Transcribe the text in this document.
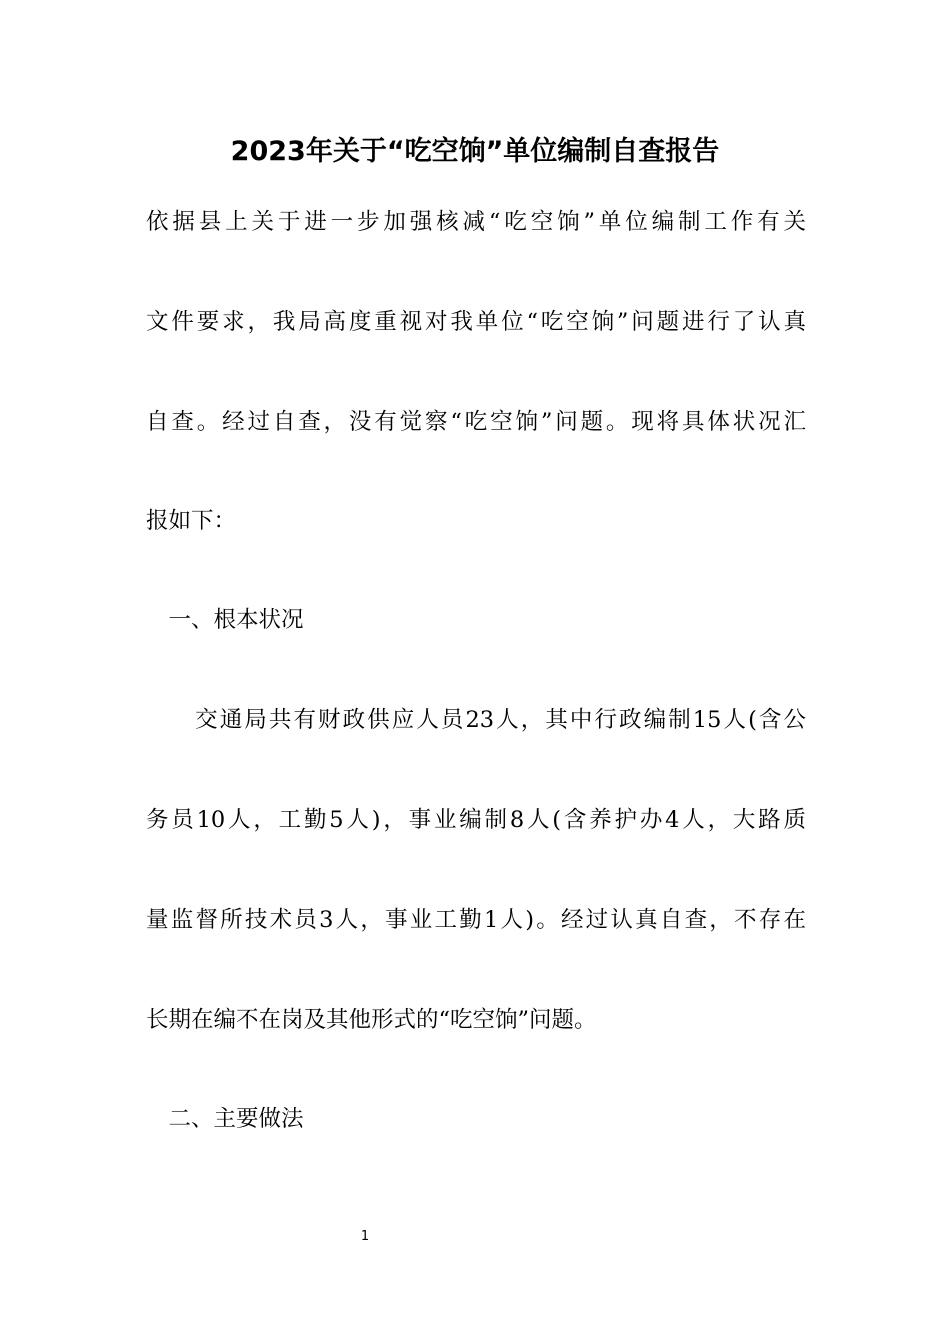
2023年关于“吃空饷”单位编制自查报告
依据县上关于进一步加强核减“吃空饷”单位编制工作有关
文件要求，我局高度重视对我单位“吃空饷”问题进行了认真
自查。经过自查，没有觉察“吃空饷”问题。现将具体状况汇
报如下：
　一、根本状况
　　交通局共有财政供应人员23人，其中行政编制15人(含公
务员10人，工勤5人)，事业编制8人(含养护办4人，大路质
量监督所技术员3人，事业工勤1人)。经过认真自查，不存在
长期在编不在岗及其他形式的“吃空饷”问题。
　二、主要做法
1
